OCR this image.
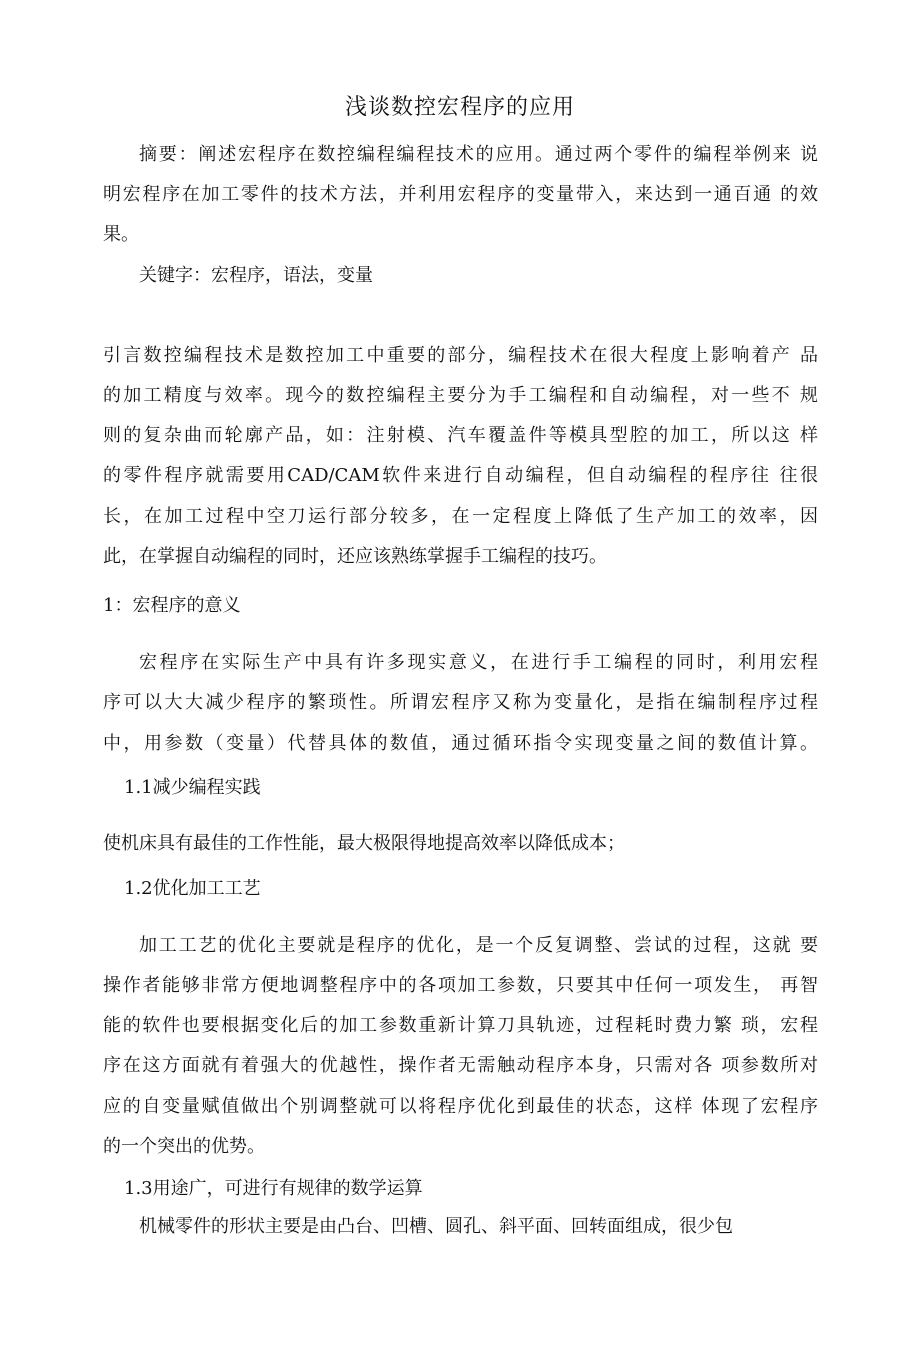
浅谈数控宏程序的应用
摘要：阐述宏程序在数控编程编程技术的应用。通过两个零件的编程举例来 说
明宏程序在加工零件的技术方法，并利用宏程序的变量带入，来达到一通百通 的效
果。
关键字：宏程序，语法，变量
引言数控编程技术是数控加工中重要的部分，编程技术在很大程度上影响着产 品
的加工精度与效率。现今的数控编程主要分为手工编程和自动编程，对一些不 规
则的复杂曲而轮廓产品，如：注射模、汽车覆盖件等模具型腔的加工，所以这 样
的零件程序就需要用CAD/CAM软件来进行自动编程，但自动编程的程序往 往很
长，在加工过程中空刀运行部分较多，在一定程度上降低了生产加工的效率，因
此，在掌握自动编程的同时，还应该熟练掌握手工编程的技巧。
1：宏程序的意义
宏程序在实际生产中具有许多现实意义，在进行手工编程的同时，利用宏程
序可以大大减少程序的繁琐性。所谓宏程序又称为变量化，是指在编制程序过程
中，用参数（变量）代替具体的数值，通过循环指令实现变量之间的数值计算。
1.1减少编程实践
使机床具有最佳的工作性能，最大极限得地提高效率以降低成本；
1.2优化加工工艺
加工工艺的优化主要就是程序的优化，是一个反复调整、尝试的过程，这就 要
操作者能够非常方便地调整程序中的各项加工参数，只要其中任何一项发生， 再智
能的软件也要根据变化后的加工参数重新计算刀具轨迹，过程耗时费力繁 琐，宏程
序在这方面就有着强大的优越性，操作者无需触动程序本身，只需对各 项参数所对
应的自变量赋值做出个别调整就可以将程序优化到最佳的状态，这样 体现了宏程序
的一个突出的优势。
1.3用途广，可进行有规律的数学运算
机械零件的形状主要是由凸台、凹槽、圆孔、斜平面、回转面组成，很少包
